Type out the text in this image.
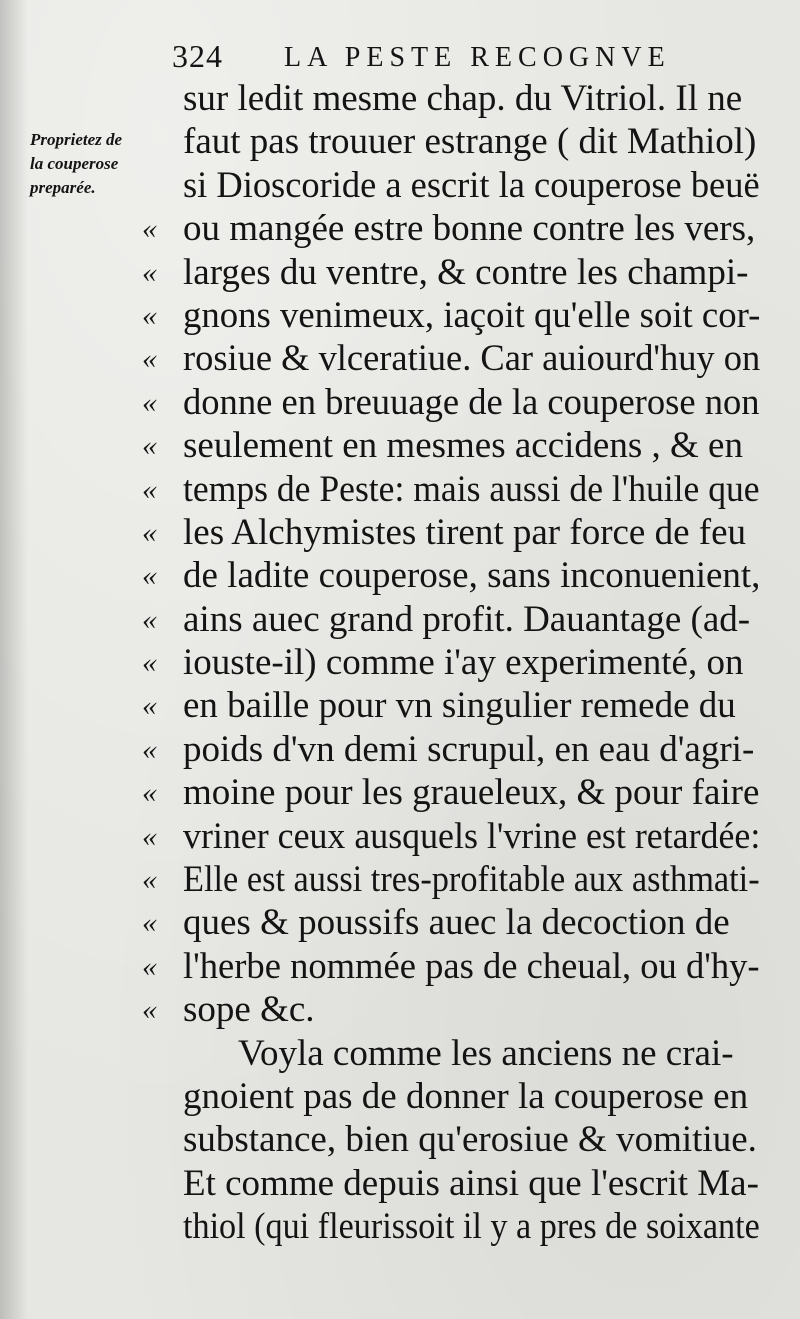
324 LA PESTE RECOGNVE
Proprietez de
la couperose
preparée.
sur ledit mesme chap. du Vitriol. Il ne
faut pas trouuer estrange ( dit Mathiol)
si Dioscoride a escrit la couperose beuë
« ou mangée estre bonne contre les vers,
« larges du ventre, & contre les champi-
« gnons venimeux, iaçoit qu'elle soit cor-
« rosiue & vlceratiue. Car auiourd'huy on
« donne en breuuage de la couperose non
« seulement en mesmes accidens , & en
« temps de Peste: mais aussi de l'huile que
« les Alchymistes tirent par force de feu
« de ladite couperose, sans inconuenient,
« ains auec grand profit. Dauantage (ad-
« iouste-il) comme i'ay experimenté, on
« en baille pour vn singulier remede du
« poids d'vn demi scrupul, en eau d'agri-
« moine pour les graueleux, & pour faire
« vriner ceux ausquels l'vrine est retardée:
« Elle est aussi tres-profitable aux asthmati-
« ques & poussifs auec la decoction de
« l'herbe nommée pas de cheual, ou d'hy-
« sope &c.
Voyla comme les anciens ne crai-
gnoient pas de donner la couperose en
substance, bien qu'erosiue & vomitiue.
Et comme depuis ainsi que l'escrit Ma-
thiol (qui fleurissoit il y a pres de soixante
